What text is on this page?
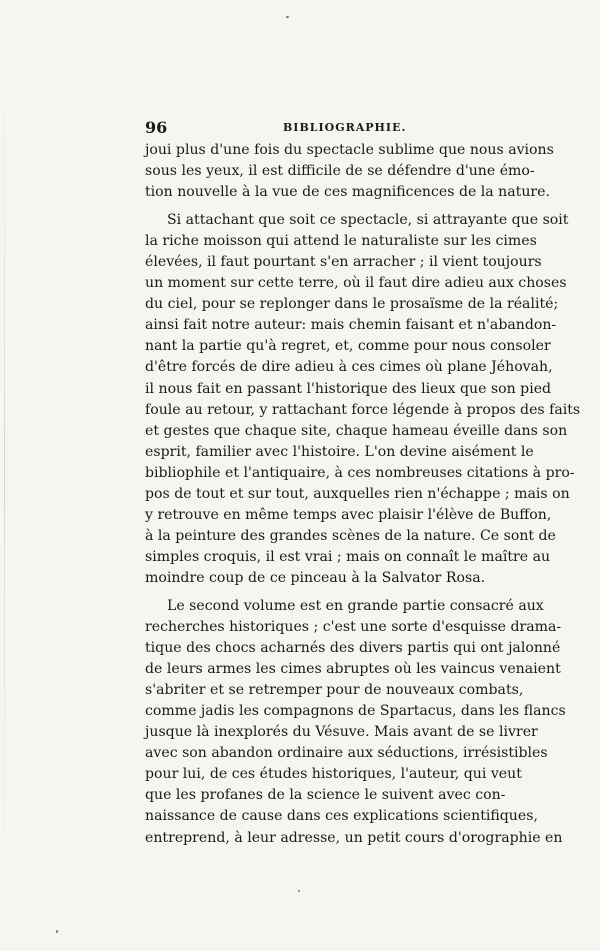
96	BIBLIOGRAPHIE.
joui plus d'une fois du spectacle sublime que nous avions
sous les yeux, il est difficile de se défendre d'une émo-
tion nouvelle à la vue de ces magnificences de la nature.
Si attachant que soit ce spectacle, si attrayante que soit
la riche moisson qui attend le naturaliste sur les cimes
élevées, il faut pourtant s'en arracher ; il vient toujours
un moment sur cette terre, où il faut dire adieu aux choses
du ciel, pour se replonger dans le prosaïsme de la réalité;
ainsi fait notre auteur: mais chemin faisant et n'abandon-
nant la partie qu'à regret, et, comme pour nous consoler
d'être forcés de dire adieu à ces cimes où plane Jéhovah,
il nous fait en passant l'historique des lieux que son pied
foule au retour, y rattachant force légende à propos des faits
et gestes que chaque site, chaque hameau éveille dans son
esprit, familier avec l'histoire. L'on devine aisément le
bibliophile et l'antiquaire, à ces nombreuses citations à pro-
pos de tout et sur tout, auxquelles rien n'échappe ; mais on
y retrouve en même temps avec plaisir l'élève de Buffon,
à la peinture des grandes scènes de la nature. Ce sont de
simples croquis, il est vrai ; mais on connaît le maître au
moindre coup de ce pinceau à la Salvator Rosa.
Le second volume est en grande partie consacré aux
recherches historiques ; c'est une sorte d'esquisse drama-
tique des chocs acharnés des divers partis qui ont jalonné
de leurs armes les cimes abruptes où les vaincus venaient
s'abriter et se retremper pour de nouveaux combats,
comme jadis les compagnons de Spartacus, dans les flancs
jusque là inexplorés du Vésuve. Mais avant de se livrer
avec son abandon ordinaire aux séductions, irrésistibles
pour lui, de ces études historiques, l'auteur, qui veut
que les profanes de la science le suivent avec con-
naissance de cause dans ces explications scientifiques,
entreprend, à leur adresse, un petit cours d'orographie en
